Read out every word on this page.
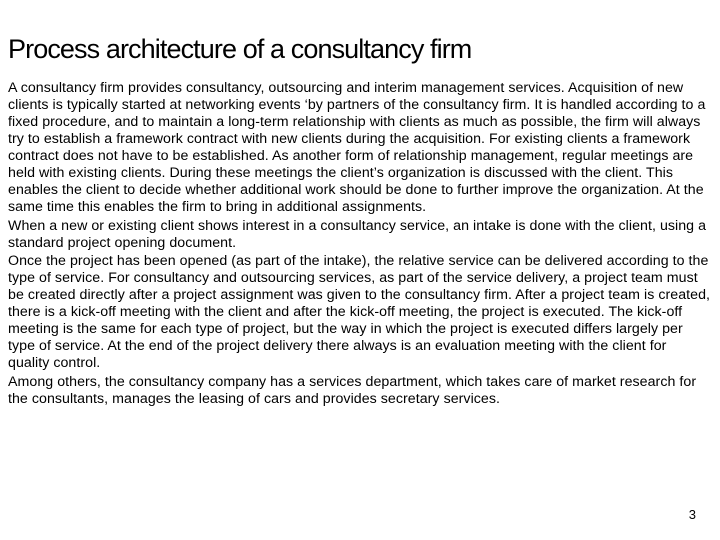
Process architecture of a consultancy firm

A consultancy firm provides consultancy, outsourcing and interim management services. Acquisition of new clients is typically started at networking events ‘by partners of the consultancy firm. It is handled according to a fixed procedure, and to maintain a long-term relationship with clients as much as possible, the firm will always try to establish a framework contract with new clients during the acquisition. For existing clients a framework contract does not have to be established. As another form of relationship management, regular meetings are held with existing clients. During these meetings the client’s organization is discussed with the client. This enables the client to decide whether additional work should be done to further improve the organization. At the same time this enables the firm to bring in additional assignments.

When a new or existing client shows interest in a consultancy service, an intake is done with the client, using a standard project opening document.

Once the project has been opened (as part of the intake), the relative service can be delivered according to the type of service. For consultancy and outsourcing services, as part of the service delivery, a project team must be created directly after a project assignment was given to the consultancy firm. After a project team is created, there is a kick-off meeting with the client and after the kick-off meeting, the project is executed. The kick-off meeting is the same for each type of project, but the way in which the project is executed differs largely per type of service. At the end of the project delivery there always is an evaluation meeting with the client for quality control.

Among others, the consultancy company has a services department, which takes care of market research for the consultants, manages the leasing of cars and provides secretary services.

3
